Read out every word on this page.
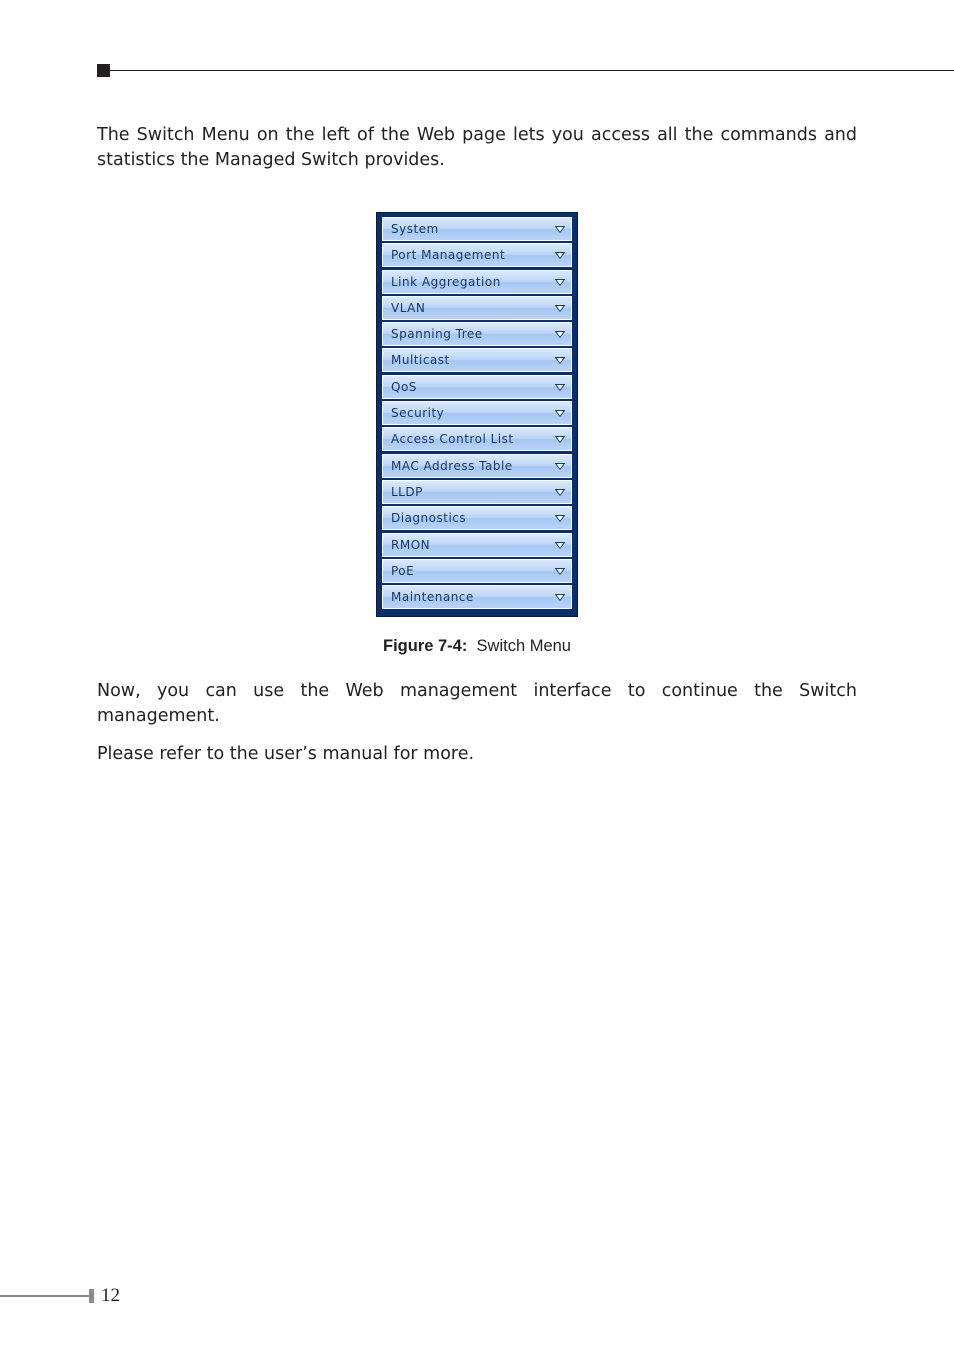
The Switch Menu on the left of the Web page lets you access all the commands and statistics the Managed Switch provides.

System
Port Management
Link Aggregation
VLAN
Spanning Tree
Multicast
QoS
Security
Access Control List
MAC Address Table
LLDP
Diagnostics
RMON
PoE
Maintenance
Figure 7-4: Switch Menu

Now, you can use the Web management interface to continue the Switch management.

Please refer to the user’s manual for more.

12
